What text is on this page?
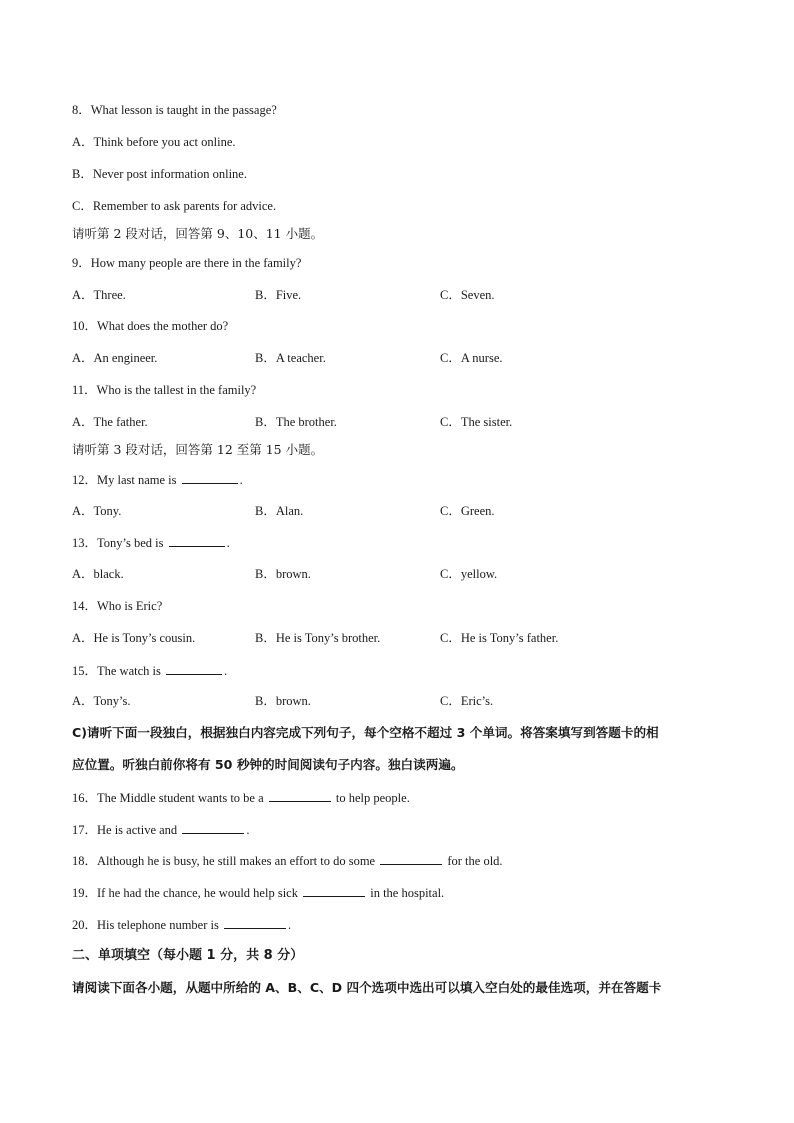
8．What lesson is taught in the passage?
A．Think before you act online.
B．Never post information online.
C．Remember to ask parents for advice.
请听第 2 段对话，回答第 9、10、11 小题。
9．How many people are there in the family?
A．Three.	B．Five.	C．Seven.
10．What does the mother do?
A．An engineer.	B．A teacher.	C．A nurse.
11．Who is the tallest in the family?
A．The father.	B．The brother.	C．The sister.
请听第 3 段对话，回答第 12 至第 15 小题。
12．My last name is	.
A．Tony.	B．Alan.	C．Green.
13．Tony’s bed is	.
A．black.	B．brown.	C．yellow.
14．Who is Eric?
A．He is Tony’s cousin.	B．He is Tony’s brother.	C．He is Tony’s father.
15．The watch is	.
A．Tony’s.	B．brown.	C．Eric’s.
C)请听下面一段独白，根据独白内容完成下列句子，每个空格不超过 3 个单词。将答案填写到答题卡的相
应位置。听独白前你将有 50 秒钟的时间阅读句子内容。独白读两遍。
16．The Middle student wants to be a	to help people.
17．He is active and	.
18．Although he is busy, he still makes an effort to do some	for the old.
19．If he had the chance, he would help sick	in the hospital.
20．His telephone number is	.
二、单项填空（每小题 1 分，共 8 分）
请阅读下面各小题，从题中所给的 A、B、C、D 四个选项中选出可以填入空白处的最佳选项，并在答题卡
